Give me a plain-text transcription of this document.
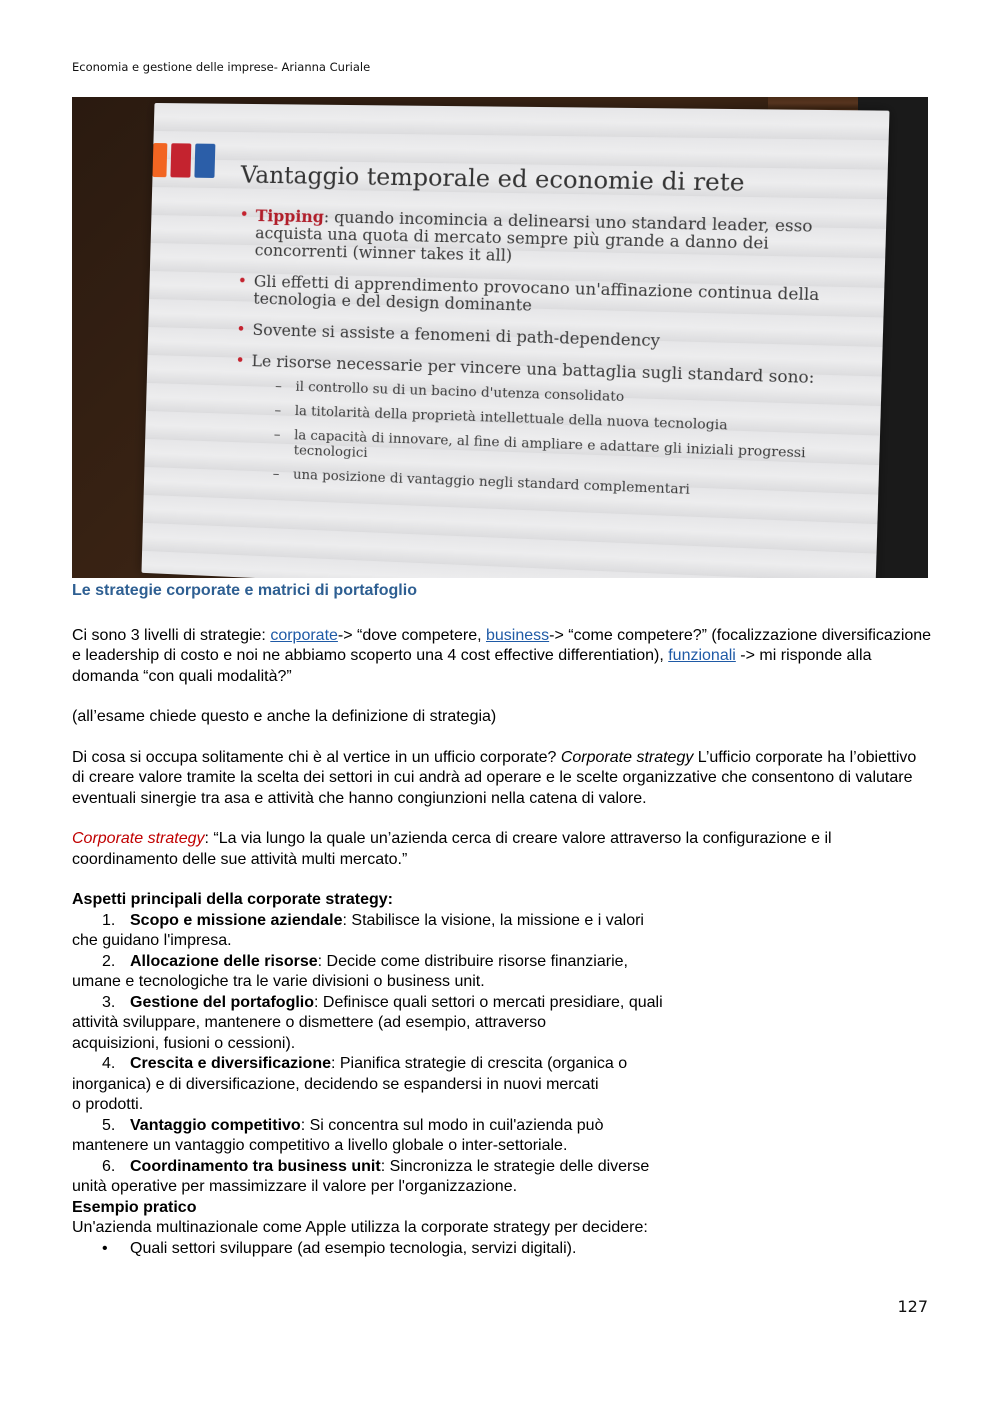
Economia e gestione delle imprese- Arianna Curiale
Vantaggio temporale ed economie di rete
• Tipping: quando incomincia a delinearsi uno standard leader, esso acquista una quota di mercato sempre più grande a danno dei concorrenti (winner takes it all)
• Gli effetti di apprendimento provocano un'affinazione continua della tecnologia e del design dominante
• Sovente si assiste a fenomeni di path-dependency
• Le risorse necessarie per vincere una battaglia sugli standard sono:
– il controllo su di un bacino d'utenza consolidato
– la titolarità della proprietà intellettuale della nuova tecnologia
– la capacità di innovare, al fine di ampliare e adattare gli iniziali progressi tecnologici
– una posizione di vantaggio negli standard complementari

Le strategie corporate e matrici di portafoglio

Ci sono 3 livelli di strategie: corporate-> “dove competere, business-> “come competere?” (focalizzazione diversificazione e leadership di costo e noi ne abbiamo scoperto una 4 cost effective differentiation), funzionali -> mi risponde alla domanda “con quali modalità?”

(all’esame chiede questo e anche la definizione di strategia)

Di cosa si occupa solitamente chi è al vertice in un ufficio corporate? Corporate strategy L’ufficio corporate ha l’obiettivo di creare valore tramite la scelta dei settori in cui andrà ad operare e le scelte organizzative che consentono di valutare eventuali sinergie tra asa e attività che hanno congiunzioni nella catena di valore.

Corporate strategy: “La via lungo la quale un’azienda cerca di creare valore attraverso la configurazione e il coordinamento delle sue attività multi mercato.”

Aspetti principali della corporate strategy:

1. Scopo e missione aziendale: Stabilisce la visione, la missione e i valori

che guidano l'impresa.

2. Allocazione delle risorse: Decide come distribuire risorse finanziarie,

umane e tecnologiche tra le varie divisioni o business unit.

3. Gestione del portafoglio: Definisce quali settori o mercati presidiare, quali

attività sviluppare, mantenere o dismettere (ad esempio, attraverso

acquisizioni, fusioni o cessioni).

4. Crescita e diversificazione: Pianifica strategie di crescita (organica o

inorganica) e di diversificazione, decidendo se espandersi in nuovi mercati

o prodotti.

5. Vantaggio competitivo: Si concentra sul modo in cuil'azienda può

mantenere un vantaggio competitivo a livello globale o inter-settoriale.

6. Coordinamento tra business unit: Sincronizza le strategie delle diverse

unità operative per massimizzare il valore per l'organizzazione.

Esempio pratico

Un'azienda multinazionale come Apple utilizza la corporate strategy per decidere:

• Quali settori sviluppare (ad esempio tecnologia, servizi digitali).

127
